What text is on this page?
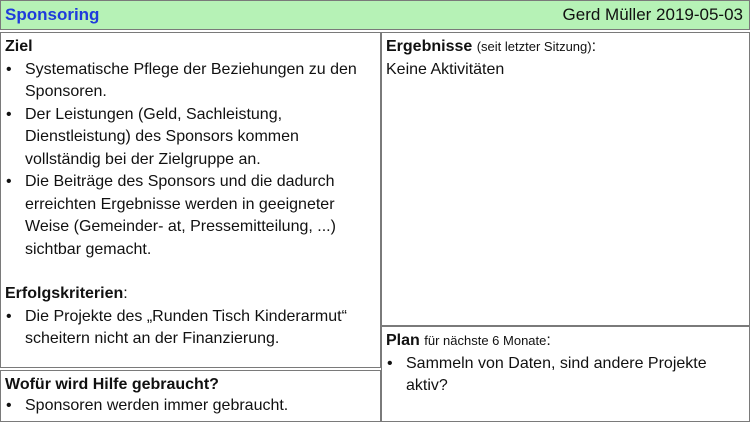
Sponsoring	Gerd Müller 2019-05-03
Ziel
• Systematische Pflege der Beziehungen zu den Sponsoren.
• Der Leistungen (Geld, Sachleistung, Dienstleistung) des Sponsors kommen vollständig bei der Zielgruppe an.
• Die Beiträge des Sponsors und die dadurch erreichten Ergebnisse werden in geeigneter Weise (Gemeinder- at, Pressemitteilung, ...) sichtbar gemacht.
Erfolgskriterien:
• Die Projekte des „Runden Tisch Kinderarmut“ scheitern nicht an der Finanzierung.
Wofür wird Hilfe gebraucht?
• Sponsoren werden immer gebraucht.
Ergebnisse (seit letzter Sitzung):
Keine Aktivitäten
Plan für nächste 6 Monate:
• Sammeln von Daten, sind andere Projekte aktiv?
